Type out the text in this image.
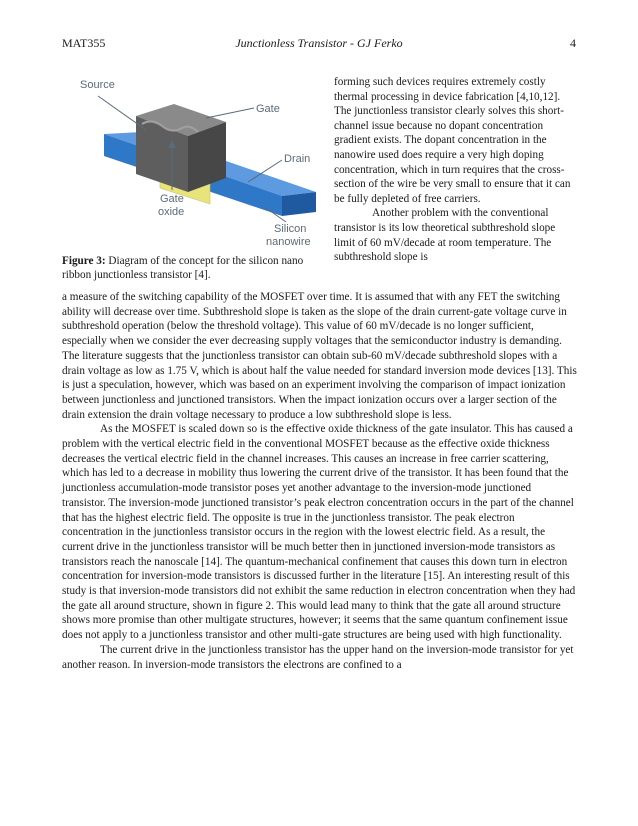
MAT355	Junctionless Transistor - GJ Ferko	4
Source
Gate
Drain
Gate
oxide
Silicon
nanowire
Figure 3: Diagram of the concept for the silicon nano ribbon junctionless transistor [4].

forming such devices requires extremely costly thermal processing in device fabrication [4,10,12]. The junctionless transistor clearly solves this short-channel issue because no dopant concentration gradient exists. The dopant concentration in the nanowire used does require a very high doping concentration, which in turn requires that the cross-section of the wire be very small to ensure that it can be fully depleted of free carriers.

Another problem with the conventional transistor is its low theoretical subthreshold slope limit of 60 mV/decade at room temperature. The subthreshold slope is

a measure of the switching capability of the MOSFET over time. It is assumed that with any FET the switching ability will decrease over time. Subthreshold slope is taken as the slope of the drain current-gate voltage curve in subthreshold operation (below the threshold voltage). This value of 60 mV/decade is no longer sufficient, especially when we consider the ever decreasing supply voltages that the semiconductor industry is demanding. The literature suggests that the junctionless transistor can obtain sub-60 mV/decade subthreshold slopes with a drain voltage as low as 1.75 V, which is about half the value needed for standard inversion mode devices [13]. This is just a speculation, however, which was based on an experiment involving the comparison of impact ionization between junctionless and junctioned transistors. When the impact ionization occurs over a larger section of the drain extension the drain voltage necessary to produce a low subthreshold slope is less.

As the MOSFET is scaled down so is the effective oxide thickness of the gate insulator. This has caused a problem with the vertical electric field in the conventional MOSFET because as the effective oxide thickness decreases the vertical electric field in the channel increases. This causes an increase in free carrier scattering, which has led to a decrease in mobility thus lowering the current drive of the transistor. It has been found that the junctionless accumulation-mode transistor poses yet another advantage to the inversion-mode junctioned transistor. The inversion-mode junctioned transistor’s peak electron concentration occurs in the part of the channel that has the highest electric field. The opposite is true in the junctionless transistor. The peak electron concentration in the junctionless transistor occurs in the region with the lowest electric field. As a result, the current drive in the junctionless transistor will be much better then in junctioned inversion-mode transistors as transistors reach the nanoscale [14]. The quantum-mechanical confinement that causes this down turn in electron concentration for inversion-mode transistors is discussed further in the literature [15]. An interesting result of this study is that inversion-mode transistors did not exhibit the same reduction in electron concentration when they had the gate all around structure, shown in figure 2. This would lead many to think that the gate all around structure shows more promise than other multigate structures, however; it seems that the same quantum confinement issue does not apply to a junctionless transistor and other multi-gate structures are being used with high functionality.

The current drive in the junctionless transistor has the upper hand on the inversion-mode transistor for yet another reason. In inversion-mode transistors the electrons are confined to a
